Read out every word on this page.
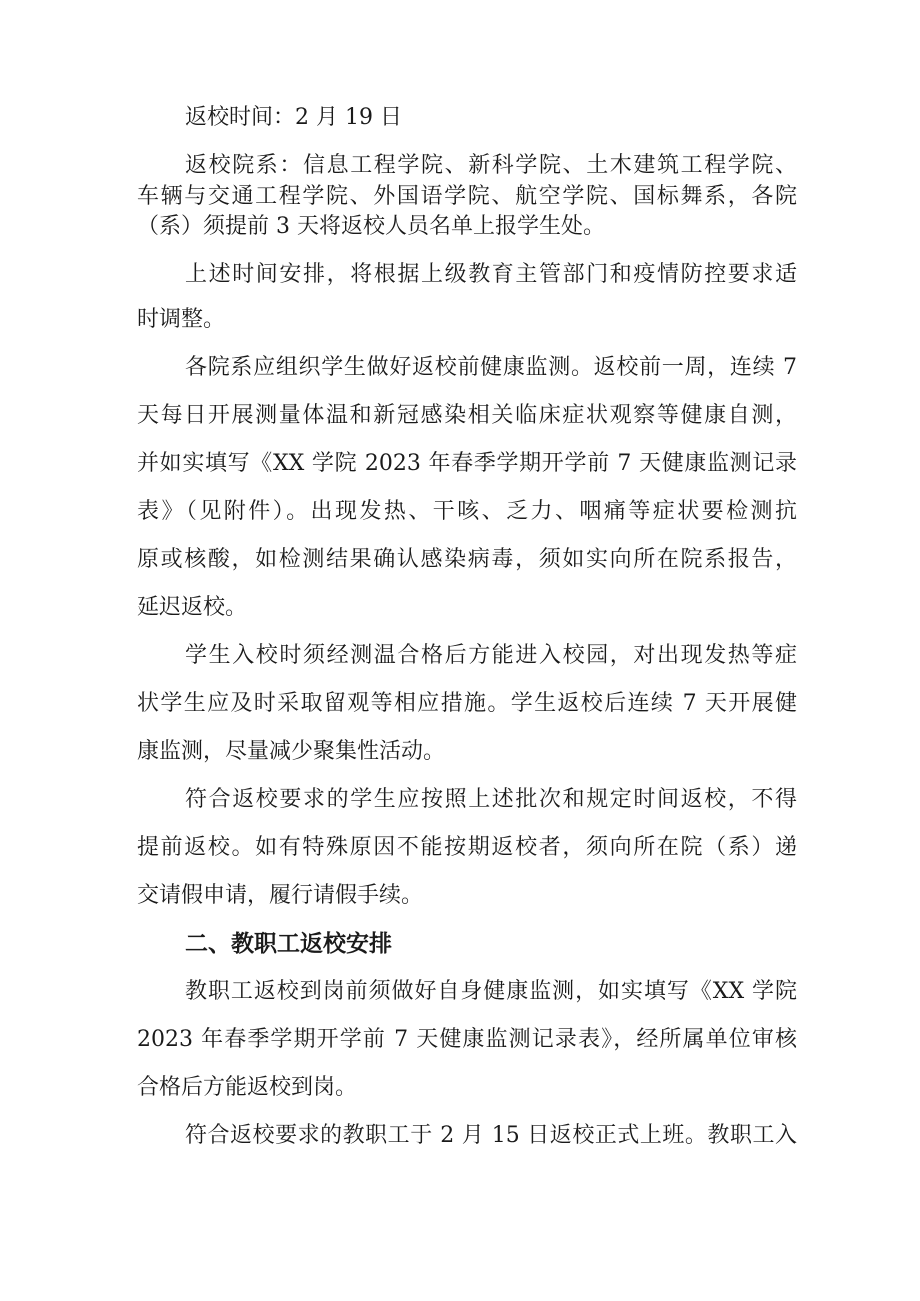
返校时间：2 月 19 日
返校院系：信息工程学院、新科学院、土木建筑工程学院、
车辆与交通工程学院、外国语学院、航空学院、国标舞系，各院
（系）须提前 3 天将返校人员名单上报学生处。
上述时间安排，将根据上级教育主管部门和疫情防控要求适
时调整。
各院系应组织学生做好返校前健康监测。返校前一周，连续 7
天每日开展测量体温和新冠感染相关临床症状观察等健康自测，
并如实填写《XX 学院 2023 年春季学期开学前 7 天健康监测记录
表》（见附件）。出现发热、干咳、乏力、咽痛等症状要检测抗
原或核酸，如检测结果确认感染病毒，须如实向所在院系报告，
延迟返校。
学生入校时须经测温合格后方能进入校园，对出现发热等症
状学生应及时采取留观等相应措施。学生返校后连续 7 天开展健
康监测，尽量减少聚集性活动。
符合返校要求的学生应按照上述批次和规定时间返校，不得
提前返校。如有特殊原因不能按期返校者，须向所在院（系）递
交请假申请，履行请假手续。
二、教职工返校安排
教职工返校到岗前须做好自身健康监测，如实填写《XX 学院
2023 年春季学期开学前 7 天健康监测记录表》，经所属单位审核
合格后方能返校到岗。
符合返校要求的教职工于 2 月 15 日返校正式上班。教职工入
